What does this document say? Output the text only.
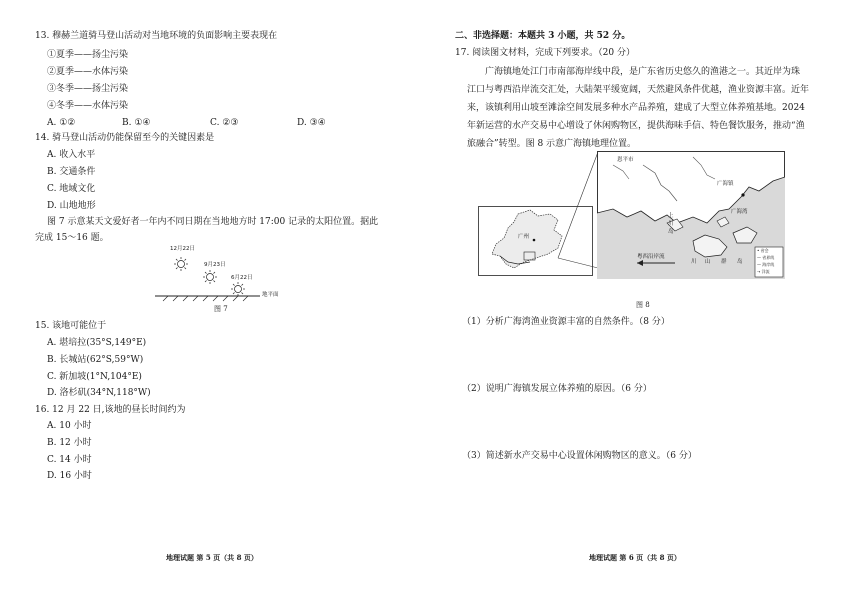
13. 穆赫兰道骑马登山活动对当地环境的负面影响主要表现在
①夏季——扬尘污染
②夏季——水体污染
③冬季——扬尘污染
④冬季——水体污染
A. ①②	B. ①④	C. ②③	D. ③④
14. 骑马登山活动仍能保留至今的关键因素是
A. 收入水平
B. 交通条件
C. 地域文化
D. 山地地形
图 7 示意某天文爱好者一年内不同日期在当地地方时 17:00 记录的太阳位置。据此
完成 15～16 题。
12月22日
9月23日
6月22日
地平面
图 7
15. 该地可能位于
A. 堪培拉(35°S,149°E)
B. 长城站(62°S,59°W)
C. 新加坡(1°N,104°E)
D. 洛杉矶(34°N,118°W)
16. 12 月 22 日,该地的昼长时间约为
A. 10 小时
B. 12 小时
C. 14 小时
D. 16 小时
地理试题 第 5 页（共 8 页）
二、非选择题：本题共 3 小题，共 52 分。
17. 阅读图文材料，完成下列要求。（20 分）
广海镇地处江门市南部海岸线中段，是广东省历史悠久的渔港之一。其近岸为珠
江口与粤西沿岸流交汇处，大陆架平缓宽阔，天然避风条件优越，渔业资源丰富。近年
来，该镇利用山坡至滩涂空间发展多种水产品养殖，建成了大型立体养殖基地。2024
年新运营的水产交易中心增设了休闲购物区，提供海味手信、特色餐饮服务，推动“渔
旅融合”转型。图 8 示意广海镇地理位置。
广州
恩平市
广海镇
广海湾
上
川
岛
粤西沿岸流
川 山 群 岛
• 省会
— 省界线
— 海岸线
→ 洋流
图 8
（1）分析广海湾渔业资源丰富的自然条件。（8 分）
（2）说明广海镇发展立体养殖的原因。（6 分）
（3）简述新水产交易中心设置休闲购物区的意义。（6 分）
地理试题 第 6 页（共 8 页）
